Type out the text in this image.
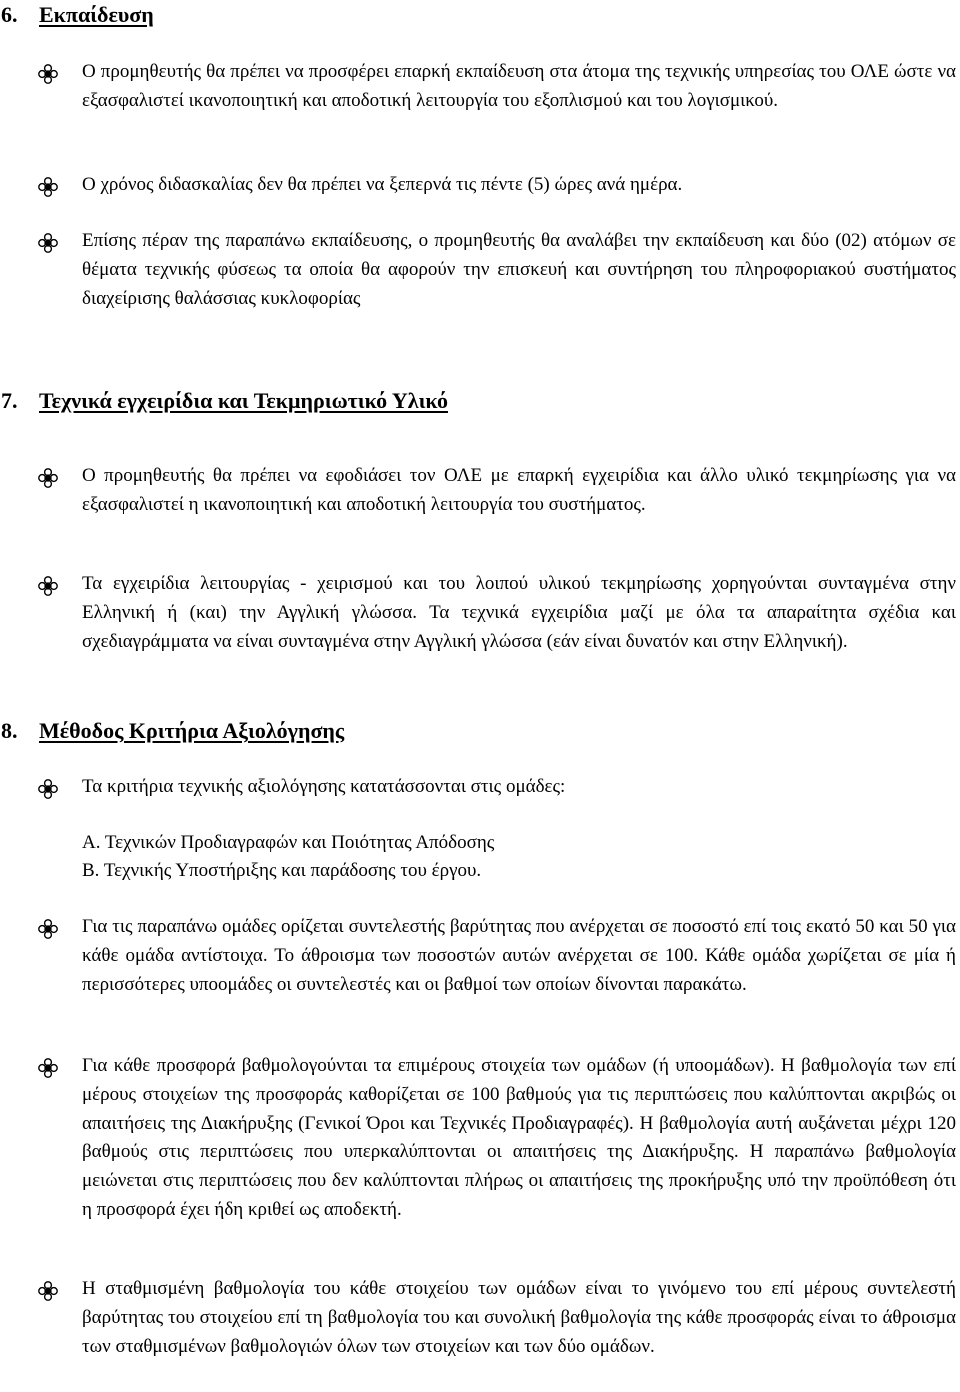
6. Εκπαίδευση
Ο προμηθευτής θα πρέπει να προσφέρει επαρκή εκπαίδευση στα άτομα της τεχνικής υπηρεσίας του ΟΛΕ ώστε να εξασφαλιστεί ικανοποιητική και αποδοτική λειτουργία του εξοπλισμού και του λογισμικού.
Ο χρόνος διδασκαλίας δεν θα πρέπει να ξεπερνά τις πέντε (5) ώρες ανά ημέρα.
Επίσης πέραν της παραπάνω εκπαίδευσης, ο προμηθευτής θα αναλάβει την εκπαίδευση και δύο (02) ατόμων σε θέματα τεχνικής φύσεως τα οποία θα αφορούν την επισκευή και συντήρηση του πληροφοριακού συστήματος διαχείρισης θαλάσσιας κυκλοφορίας
7. Τεχνικά εγχειρίδια και Τεκμηριωτικό Υλικό
Ο προμηθευτής θα πρέπει να εφοδιάσει τον ΟΛΕ με επαρκή εγχειρίδια και άλλο υλικό τεκμηρίωσης για να εξασφαλιστεί η ικανοποιητική και αποδοτική λειτουργία του συστήματος.
Τα εγχειρίδια λειτουργίας - χειρισμού και του λοιπού υλικού τεκμηρίωσης χορηγούνται συνταγμένα στην Ελληνική ή (και) την Αγγλική γλώσσα. Τα τεχνικά εγχειρίδια μαζί με όλα τα απαραίτητα σχέδια και σχεδιαγράμματα να είναι συνταγμένα στην Αγγλική γλώσσα (εάν είναι δυνατόν και στην Ελληνική).
8. Μέθοδος Κριτήρια Αξιολόγησης
Τα κριτήρια τεχνικής αξιολόγησης κατατάσσονται στις ομάδες:
Α. Τεχνικών Προδιαγραφών και Ποιότητας Απόδοσης
Β. Τεχνικής Υποστήριξης και παράδοσης του έργου.
Για τις παραπάνω ομάδες ορίζεται συντελεστής βαρύτητας που ανέρχεται σε ποσοστό επί τοις εκατό 50 και 50 για κάθε ομάδα αντίστοιχα. Το άθροισμα των ποσοστών αυτών ανέρχεται σε 100. Κάθε ομάδα χωρίζεται σε μία ή περισσότερες υποομάδες οι συντελεστές και οι βαθμοί των οποίων δίνονται παρακάτω.
Για κάθε προσφορά βαθμολογούνται τα επιμέρους στοιχεία των ομάδων (ή υποομάδων). Η βαθμολογία των επί μέρους στοιχείων της προσφοράς καθορίζεται σε 100 βαθμούς για τις περιπτώσεις που καλύπτονται ακριβώς οι απαιτήσεις της Διακήρυξης (Γενικοί Όροι και Τεχνικές Προδιαγραφές). Η βαθμολογία αυτή αυξάνεται μέχρι 120 βαθμούς στις περιπτώσεις που υπερκαλύπτονται οι απαιτήσεις της Διακήρυξης. Η παραπάνω βαθμολογία μειώνεται στις περιπτώσεις που δεν καλύπτονται πλήρως οι απαιτήσεις της προκήρυξης υπό την προϋπόθεση ότι η προσφορά έχει ήδη κριθεί ως αποδεκτή.
Η σταθμισμένη βαθμολογία του κάθε στοιχείου των ομάδων είναι το γινόμενο του επί μέρους συντελεστή βαρύτητας του στοιχείου επί τη βαθμολογία του και συνολική βαθμολογία της κάθε προσφοράς είναι το άθροισμα των σταθμισμένων βαθμολογιών όλων των στοιχείων και των δύο ομάδων.
